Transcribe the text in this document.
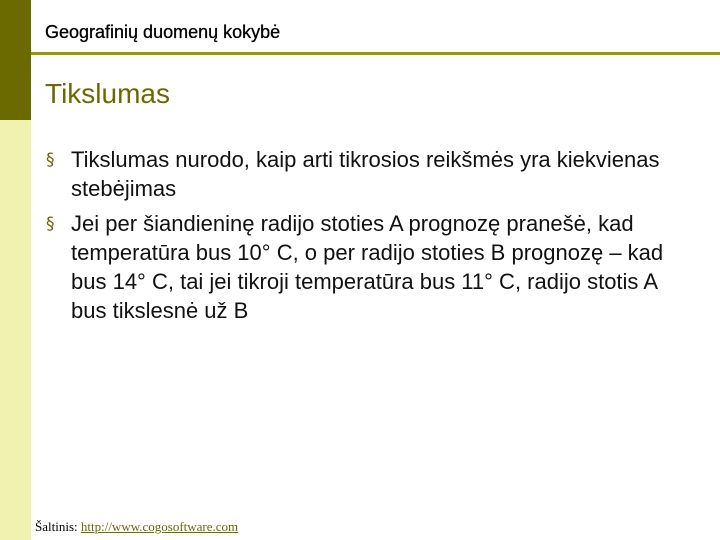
Geografinių duomenų kokybė
Tikslumas
§ Tikslumas nurodo, kaip arti tikrosios reikšmės yra kiekvienas stebėjimas
§ Jei per šiandieninę radijo stoties A prognozę pranešė, kad temperatūra bus 10° C, o per radijo stoties B prognozę – kad bus 14° C, tai jei tikroji temperatūra bus 11° C, radijo stotis A bus tikslesnė už B
Šaltinis: http://www.cogosoftware.com
